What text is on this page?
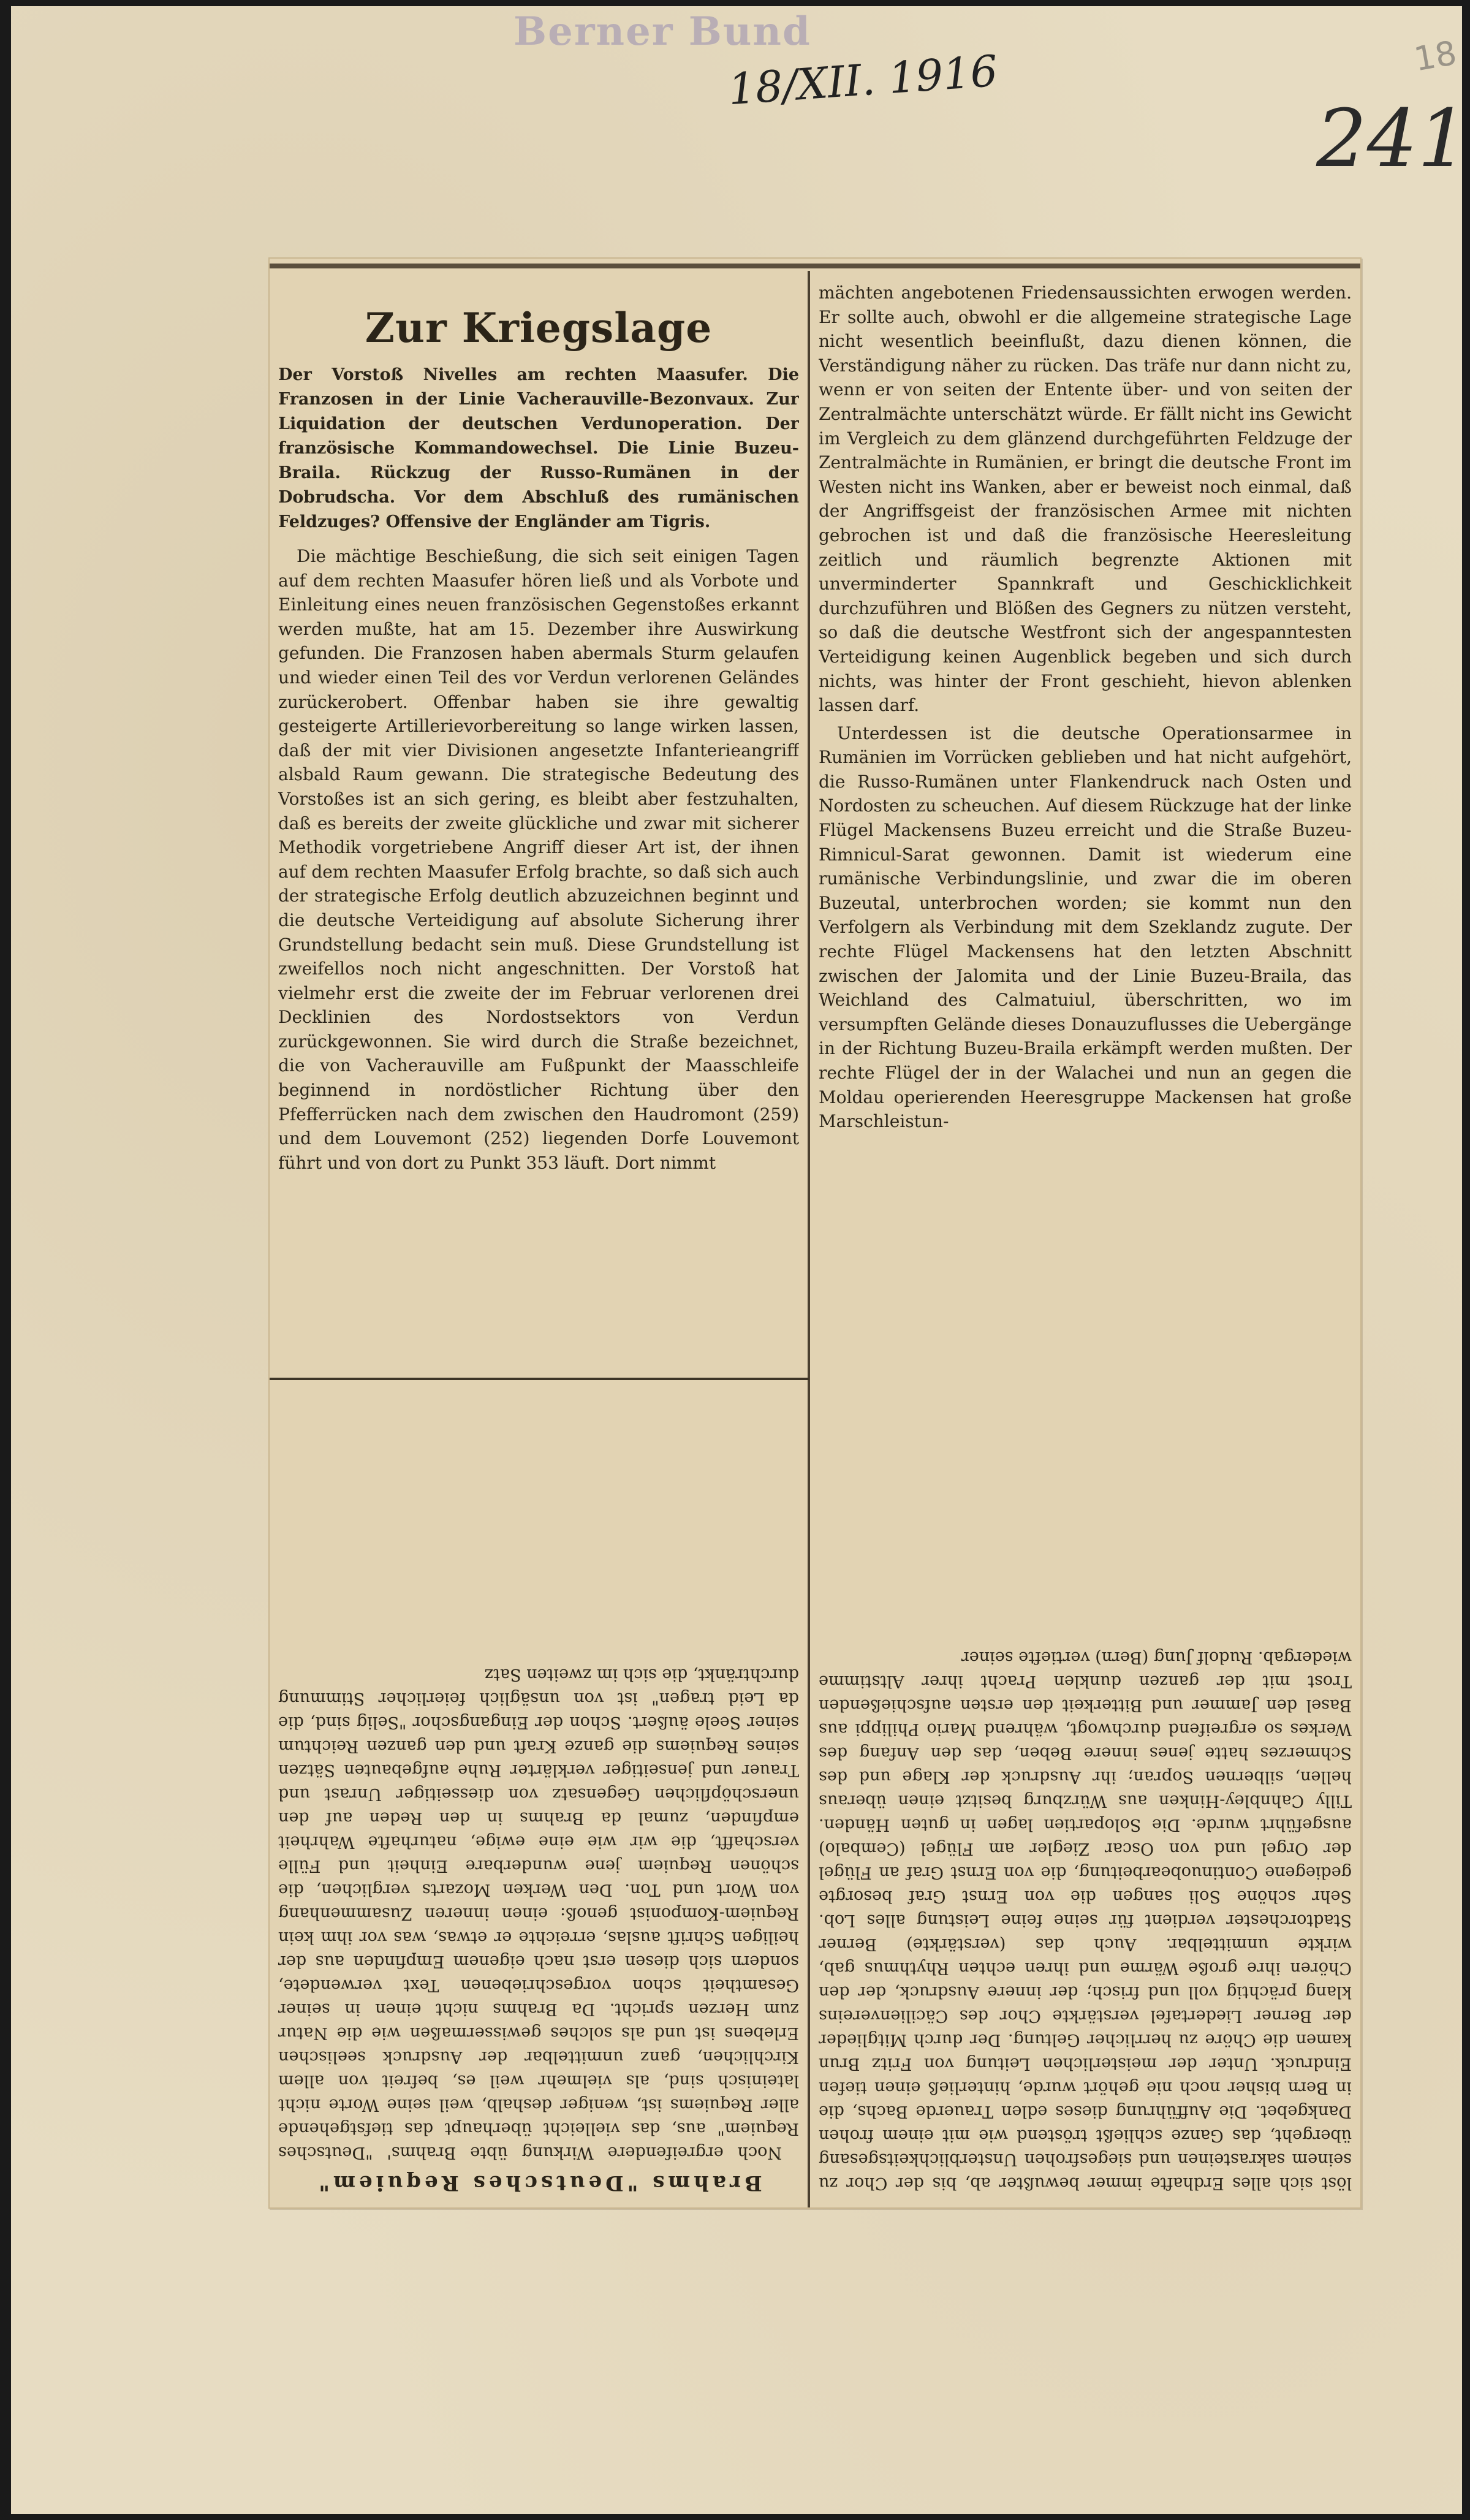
Berner Bund
18/XII. 1916
241
18
Zur Kriegslage
Der Vorstoß Nivelles am rechten Maasufer. Die Franzosen in der Linie Vacherauville-Bezonvaux. Zur Liquidation der deutschen Verdunoperation. Der französische Kommandowechsel. Die Linie Buzeu-Braila. Rückzug der Russo-Rumänen in der Dobrudscha. Vor dem Abschluß des rumänischen Feldzuges? Offensive der Engländer am Tigris.
Die mächtige Beschießung, die sich seit einigen Tagen auf dem rechten Maasufer hören ließ und als Vorbote und Einleitung eines neuen französischen Gegenstoßes erkannt werden mußte, hat am 15. Dezember ihre Auswirkung gefunden. Die Franzosen haben abermals Sturm gelaufen und wieder einen Teil des vor Verdun verlorenen Geländes zurückerobert. Offenbar haben sie ihre gewaltig gesteigerte Artillerievorbereitung so lange wirken lassen, daß der mit vier Divisionen angesetzte Infanterieangriff alsbald Raum gewann. Die strategische Bedeutung des Vorstoßes ist an sich gering, es bleibt aber festzuhalten, daß es bereits der zweite glückliche und zwar mit sicherer Methodik vorgetriebene Angriff dieser Art ist, der ihnen auf dem rechten Maasufer Erfolg brachte, so daß sich auch der strategische Erfolg deutlich abzuzeichnen beginnt und die deutsche Verteidigung auf absolute Sicherung ihrer Grundstellung bedacht sein muß. Diese Grundstellung ist zweifellos noch nicht angeschnitten. Der Vorstoß hat vielmehr erst die zweite der im Februar verlorenen drei Decklinien des Nordostsektors von Verdun zurückgewonnen. Sie wird durch die Straße bezeichnet, die von Vacherauville am Fußpunkt der Maasschleife beginnend in nordöstlicher Richtung über den Pfefferrücken nach dem zwischen den Haudromont (259) und dem Louvemont (252) liegenden Dorfe Louvemont führt und von dort zu Punkt 353 läuft. Dort nimmt
mächten angebotenen Friedensaussichten erwogen werden. Er sollte auch, obwohl er die allgemeine strategische Lage nicht wesentlich beeinflußt, dazu dienen können, die Verständigung näher zu rücken. Das träfe nur dann nicht zu, wenn er von seiten der Entente über- und von seiten der Zentralmächte unterschätzt würde. Er fällt nicht ins Gewicht im Vergleich zu dem glänzend durchgeführten Feldzuge der Zentralmächte in Rumänien, er bringt die deutsche Front im Westen nicht ins Wanken, aber er beweist noch einmal, daß der Angriffsgeist der französischen Armee mit nichten gebrochen ist und daß die französische Heeresleitung zeitlich und räumlich begrenzte Aktionen mit unverminderter Spannkraft und Geschicklichkeit durchzuführen und Blößen des Gegners zu nützen versteht, so daß die deutsche Westfront sich der angespanntesten Verteidigung keinen Augenblick begeben und sich durch nichts, was hinter der Front geschieht, hievon ablenken lassen darf.
Unterdessen ist die deutsche Operationsarmee in Rumänien im Vorrücken geblieben und hat nicht aufgehört, die Russo-Rumänen unter Flankendruck nach Osten und Nordosten zu scheuchen. Auf diesem Rückzuge hat der linke Flügel Mackensens Buzeu erreicht und die Straße Buzeu-Rimnicul-Sarat gewonnen. Damit ist wiederum eine rumänische Verbindungslinie, und zwar die im oberen Buzeutal, unterbrochen worden; sie kommt nun den Verfolgern als Verbindung mit dem Szeklandz zugute. Der rechte Flügel Mackensens hat den letzten Abschnitt zwischen der Jalomita und der Linie Buzeu-Braila, das Weichland des Calmatuiul, überschritten, wo im versumpften Gelände dieses Donauzuflusses die Uebergänge in der Richtung Buzeu-Braila erkämpft werden mußten. Der rechte Flügel der in der Walachei und nun an gegen die Moldau operierenden Heeresgruppe Mackensen hat große Marschleistun-
Brahms "Deutsches Requiem"
Noch ergreifendere Wirkung übte Brahms' "Deutsches Requiem" aus, das vielleicht überhaupt das tiefstgehende aller Requiems ist, weniger deshalb, weil seine Worte nicht lateinisch sind, als vielmehr weil es, befreit von allem Kirchlichen, ganz unmittelbar der Ausdruck seelischen Erlebens ist und als solches gewissermaßen wie die Natur zum Herzen spricht. Da Brahms nicht einen in seiner Gesamtheit schon vorgeschriebenen Text verwendete, sondern sich diesen erst nach eigenem Empfinden aus der heiligen Schrift auslas, erreichte er etwas, was vor ihm kein Requiem-Komponist genoß: einen inneren Zusammenhang von Wort und Ton. Den Werken Mozarts verglichen, die schönen Requiem jene wunderbare Einheit und Fülle verschafft, die wir wie eine ewige, naturhafte Wahrheit empfinden, zumal da Brahms in den Reden auf den unerschöpflichen Gegensatz von diesseitiger Unrast und Trauer und jenseitiger verklärter Ruhe aufgebauten Sätzen seines Requiems die ganze Kraft und den ganzen Reichtum seiner Seele äußert. Schon der Eingangschor "Selig sind, die da Leid tragen" ist von unsäglich feierlicher Stimmung durchtränkt, die sich im zweiten Satz
löst sich alles Erdhafte immer bewußter ab, bis der Chor zu seinem sakrasteinen und siegesfrohen Unsterblichkeitsgesang übergeht, das Ganze schließt tröstend wie mit einem frohen Dankgebet. Die Aufführung dieses edlen Trauerde Bachs, die in Bern bisher noch nie gehört wurde, hinterließ einen tiefen Eindruck. Unter der meisterlichen Leitung von Fritz Brun kamen die Chöre zu herrlicher Geltung. Der durch Mitglieder der Berner Liedertafel verstärkte Chor des Cäcilienvereins klang prächtig voll und frisch; der innere Ausdruck, der den Chören ihre große Wärme und ihren echten Rhythmus gab, wirkte unmittelbar. Auch das (verstärkte) Berner Stadtorchester verdient für seine feine Leistung alles Lob. Sehr schöne Soli sangen die von Ernst Graf besorgte gediegene Continuobearbeitung, die von Ernst Graf an Flügel der Orgel und von Oscar Ziegler am Flügel (Cembalo) ausgeführt wurde. Die Solopartien lagen in guten Händen. Tilly Cahnbley-Hinken aus Würzburg besitzt einen überaus hellen, silbernen Sopran; ihr Ausdruck der Klage und des Schmerzes hatte jenes innere Beben, das den Anfang des Werkes so ergreifend durchwogt, während Mario Philippi aus Basel den Jammer und Bitterkeit den ersten aufschießenden Trost mit der ganzen dunklen Pracht ihrer Altstimme wiedergab. Rudolf Jung (Bern) vertiefte seiner
